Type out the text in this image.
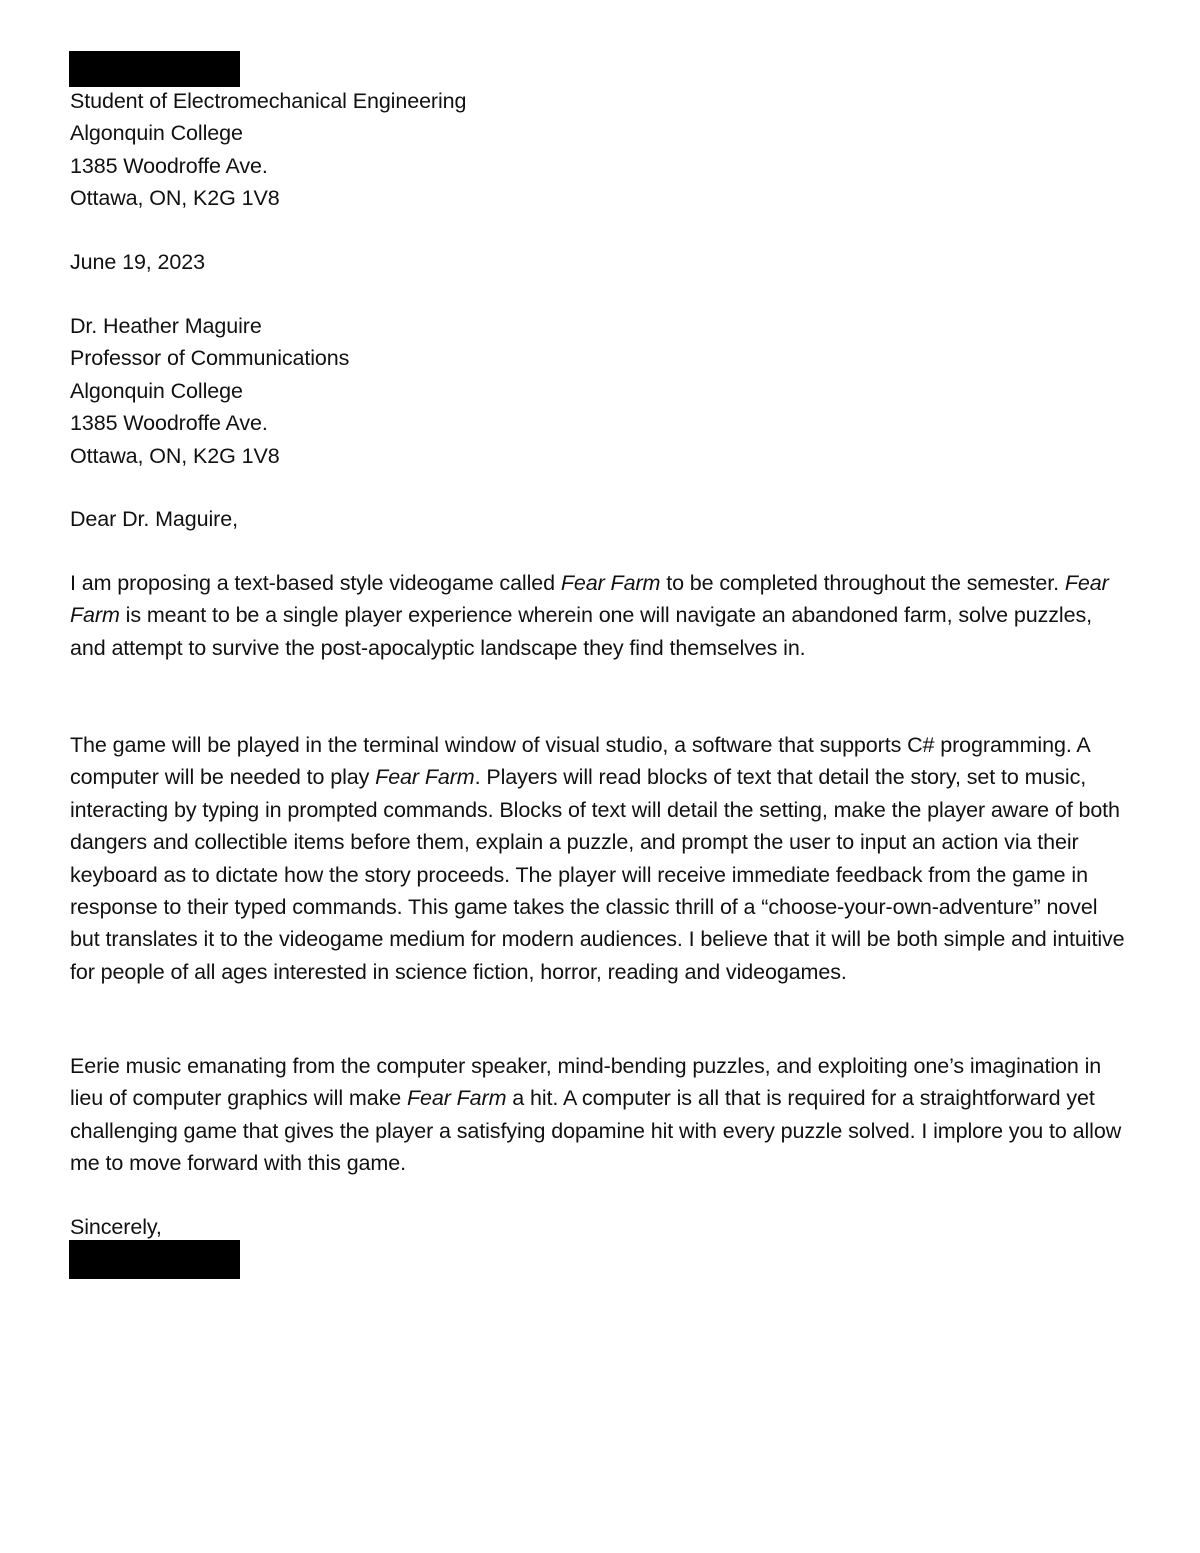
Student of Electromechanical Engineering
Algonquin College
1385 Woodroffe Ave.
Ottawa, ON, K2G 1V8
June 19, 2023
Dr. Heather Maguire
Professor of Communications
Algonquin College
1385 Woodroffe Ave.
Ottawa, ON, K2G 1V8
Dear Dr. Maguire,
I am proposing a text-based style videogame called Fear Farm to be completed throughout the semester. Fear Farm is meant to be a single player experience wherein one will navigate an abandoned farm, solve puzzles, and attempt to survive the post-apocalyptic landscape they find themselves in.
The game will be played in the terminal window of visual studio, a software that supports C# programming. A computer will be needed to play Fear Farm. Players will read blocks of text that detail the story, set to music, interacting by typing in prompted commands. Blocks of text will detail the setting, make the player aware of both dangers and collectible items before them, explain a puzzle, and prompt the user to input an action via their keyboard as to dictate how the story proceeds. The player will receive immediate feedback from the game in response to their typed commands. This game takes the classic thrill of a “choose-your-own-adventure” novel but translates it to the videogame medium for modern audiences. I believe that it will be both simple and intuitive for people of all ages interested in science fiction, horror, reading and videogames.
Eerie music emanating from the computer speaker, mind-bending puzzles, and exploiting one’s imagination in lieu of computer graphics will make Fear Farm a hit. A computer is all that is required for a straightforward yet challenging game that gives the player a satisfying dopamine hit with every puzzle solved. I implore you to allow me to move forward with this game.
Sincerely,
